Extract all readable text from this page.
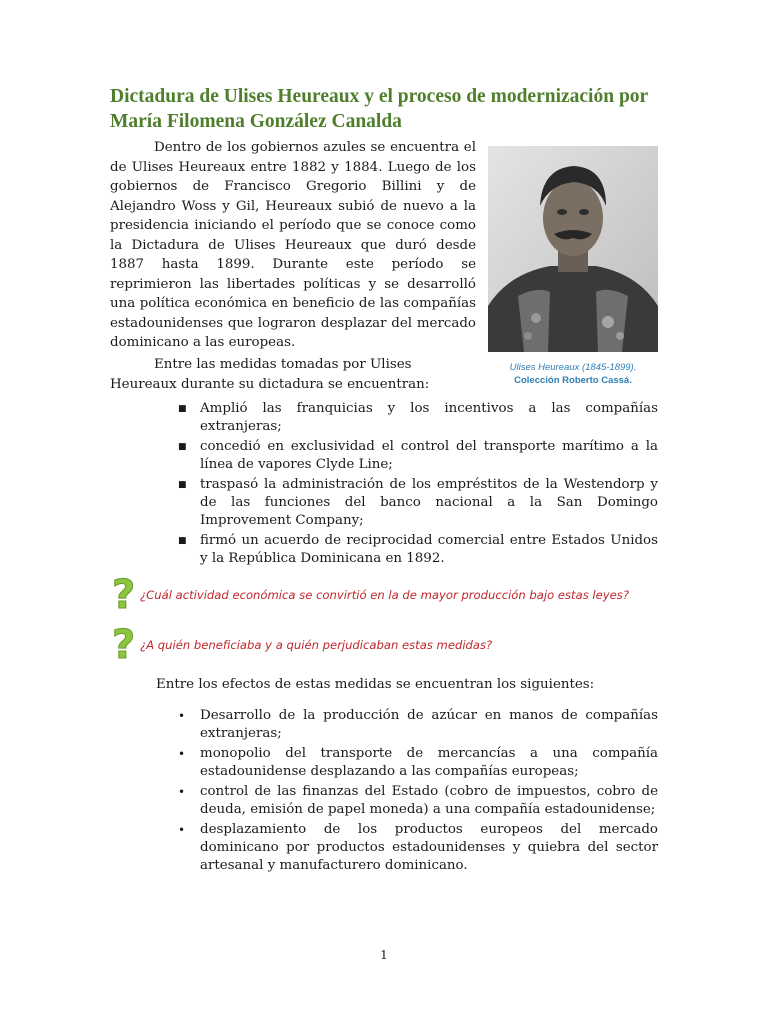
Dictadura de Ulises Heureaux y el proceso de modernización por María Filomena González Canalda

Dentro de los gobiernos azules se encuentra el de Ulises Heureaux entre 1882 y 1884. Luego de los gobiernos de Francisco Gregorio Billini y de Alejandro Woss y Gil, Heureaux subió de nuevo a la presidencia iniciando el período que se conoce como la Dictadura de Ulises Heureaux que duró desde 1887 hasta 1899. Durante este período se reprimieron las libertades políticas y se desarrolló una política económica en beneficio de las compañías estadounidenses que lograron desplazar del mercado dominicano a las europeas.

Ulises Heureaux (1845-1899).
Colección Roberto Cassá.

Entre las medidas tomadas por Ulises Heureaux durante su dictadura se encuentran:

■ Amplió las franquicias y los incentivos a las compañías extranjeras;
■ concedió en exclusividad el control del transporte marítimo a la línea de vapores Clyde Line;
■ traspasó la administración de los empréstitos de la Westendorp y de las funciones del banco nacional a la San Domingo Improvement Company;
■ firmó un acuerdo de reciprocidad comercial entre Estados Unidos y la República Dominicana en 1892.
? ¿Cuál actividad económica se convirtió en la de mayor producción bajo estas leyes?
? ¿A quién beneficiaba y a quién perjudicaban estas medidas?

Entre los efectos de estas medidas se encuentran los siguientes:

• Desarrollo de la producción de azúcar en manos de compañías extranjeras;
• monopolio del transporte de mercancías a una compañía estadounidense desplazando a las compañías europeas;
• control de las finanzas del Estado (cobro de impuestos, cobro de deuda, emisión de papel moneda) a una compañía estadounidense;
• desplazamiento de los productos europeos del mercado dominicano por productos estadounidenses y quiebra del sector artesanal y manufacturero dominicano.
1
